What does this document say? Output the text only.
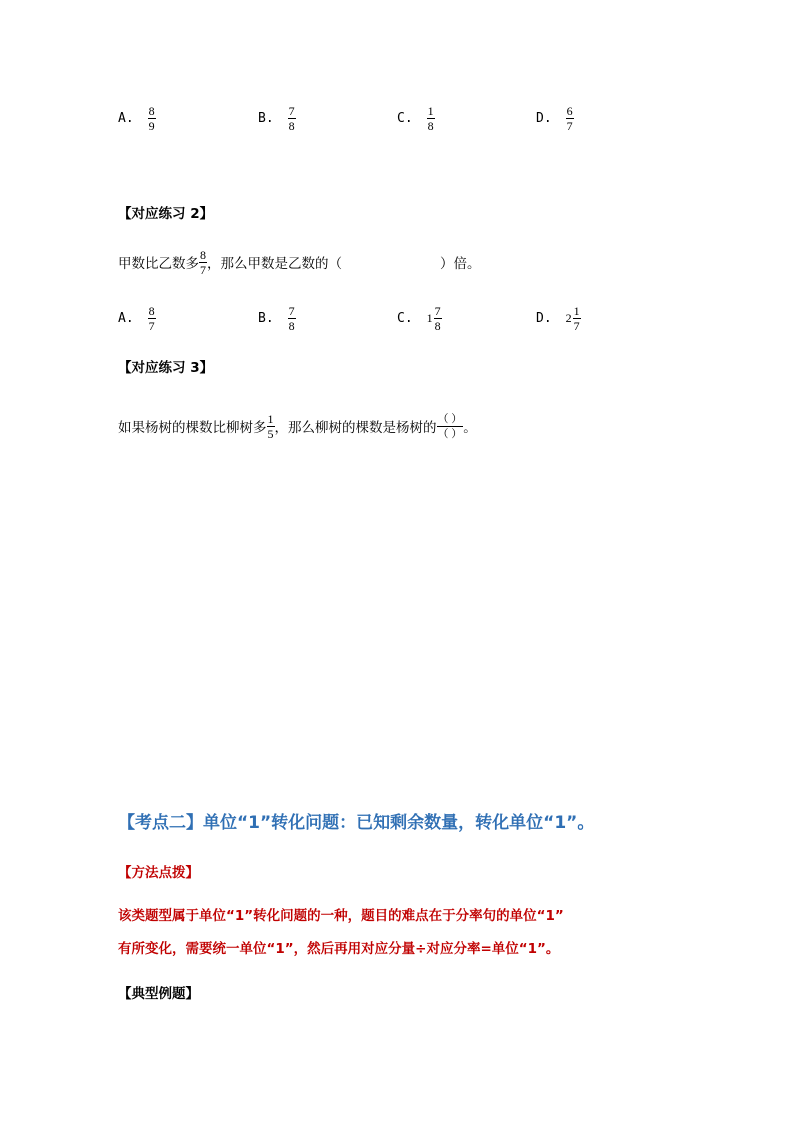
A. $\frac{8}{9}$	B. $\frac{7}{8}$	C. $\frac{1}{8}$	D. $\frac{6}{7}$
【对应练习 2】
甲数比乙数多 $\frac{8}{7}$ ，那么甲数是乙数的（	）倍。
A. $\frac{8}{7}$	B. $\frac{7}{8}$	C. $1 \frac{7}{8}$	D. $2 \frac{1}{7}$
【对应练习 3】
如果杨树的棵数比柳树多 $\frac{1}{5}$ ，那么柳树的棵数是杨树的 $\frac{( )}{( )}$ 。
【考点二】单位“1”转化问题：已知剩余数量，转化单位“1”。
【方法点拨】
该类题型属于单位“1”转化问题的一种，题目的难点在于分率句的单位“1”
有所变化，需要统一单位“1”，然后再用对应分量÷对应分率=单位“1”。
【典型例题】
